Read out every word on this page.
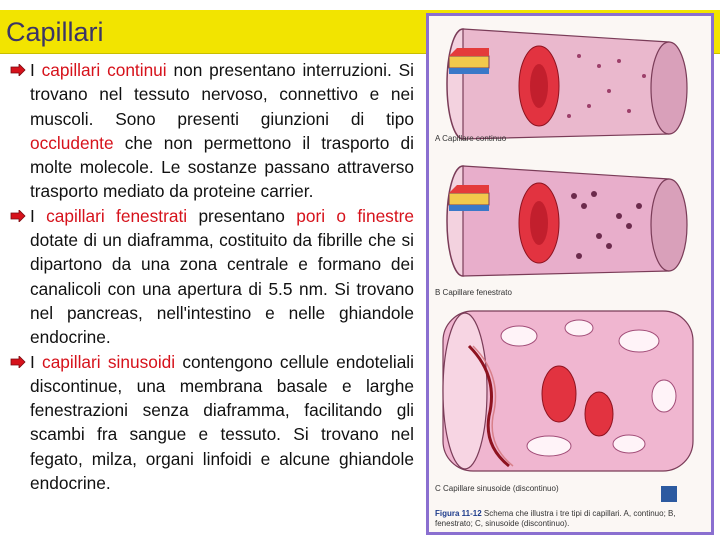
Capillari
I capillari continui non presentano interruzioni. Si trovano nel tessuto nervoso, connettivo e nei muscoli. Sono presenti giunzioni di tipo occludente che non permettono il trasporto di molte molecole. Le sostanze passano attraverso trasporto mediato da proteine carrier.
I capillari fenestrati presentano pori o finestre dotate di un diaframma, costituito da fibrille che si dipartono da una zona centrale e formano dei canalicoli con una apertura di 5.5 nm. Si trovano nel pancreas, nell'intestino e nelle ghiandole endocrine.
I capillari sinusoidi contengono cellule endoteliali discontinue, una membrana basale e larghe fenestrazioni senza diaframma, facilitando gli scambi fra sangue e tessuto. Si trovano nel fegato, milza, organi linfoidi e alcune ghiandole endocrine.
A Capillare continuo
B Capillare fenestrato
C Capillare sinusoide (discontinuo)
Figura 11-12 Schema che illustra i tre tipi di capillari. A, continuo; B, fenestrato; C, sinusoide (discontinuo).
